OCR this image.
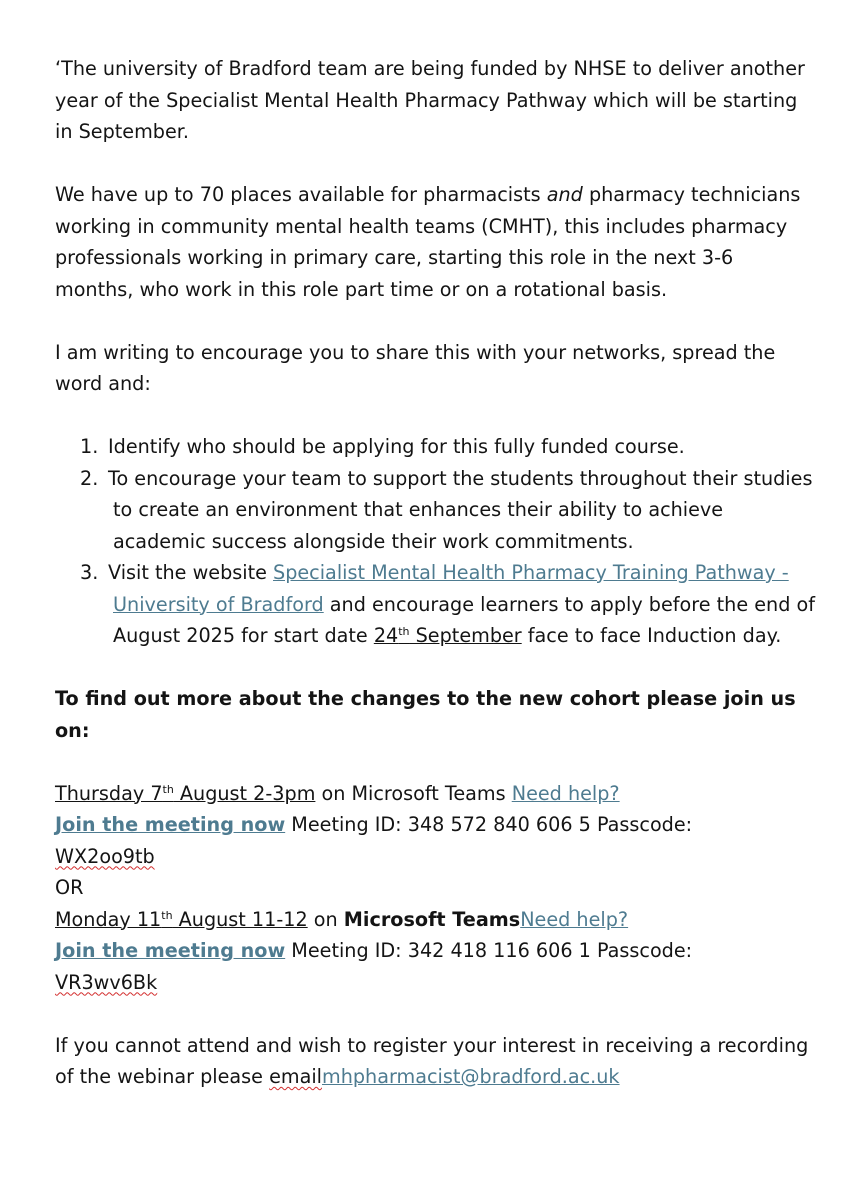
‘The university of Bradford team are being funded by NHSE to deliver another year of the Specialist Mental Health Pharmacy Pathway which will be starting in September.

We have up to 70 places available for pharmacists and pharmacy technicians working in community mental health teams (CMHT), this includes pharmacy professionals working in primary care, starting this role in the next 3-6 months, who work in this role part time or on a rotational basis.

I am writing to encourage you to share this with your networks, spread the word and:

1. Identify who should be applying for this fully funded course.
2. To encourage your team to support the students throughout their studies to create an environment that enhances their ability to achieve academic success alongside their work commitments.
3. Visit the website Specialist Mental Health Pharmacy Training Pathway - University of Bradford and encourage learners to apply before the end of August 2025 for start date 24th September face to face Induction day.
To find out more about the changes to the new cohort please join us on:
Thursday 7th August 2-3pm on Microsoft Teams Need help?
Join the meeting now Meeting ID: 348 572 840 606 5 Passcode:
WX2oo9tb
OR
Monday 11th August 11-12 on Microsoft TeamsNeed help?
Join the meeting now Meeting ID: 342 418 116 606 1 Passcode:
VR3wv6Bk

If you cannot attend and wish to register your interest in receiving a recording of the webinar please emailmhpharmacist@bradford.ac.uk
